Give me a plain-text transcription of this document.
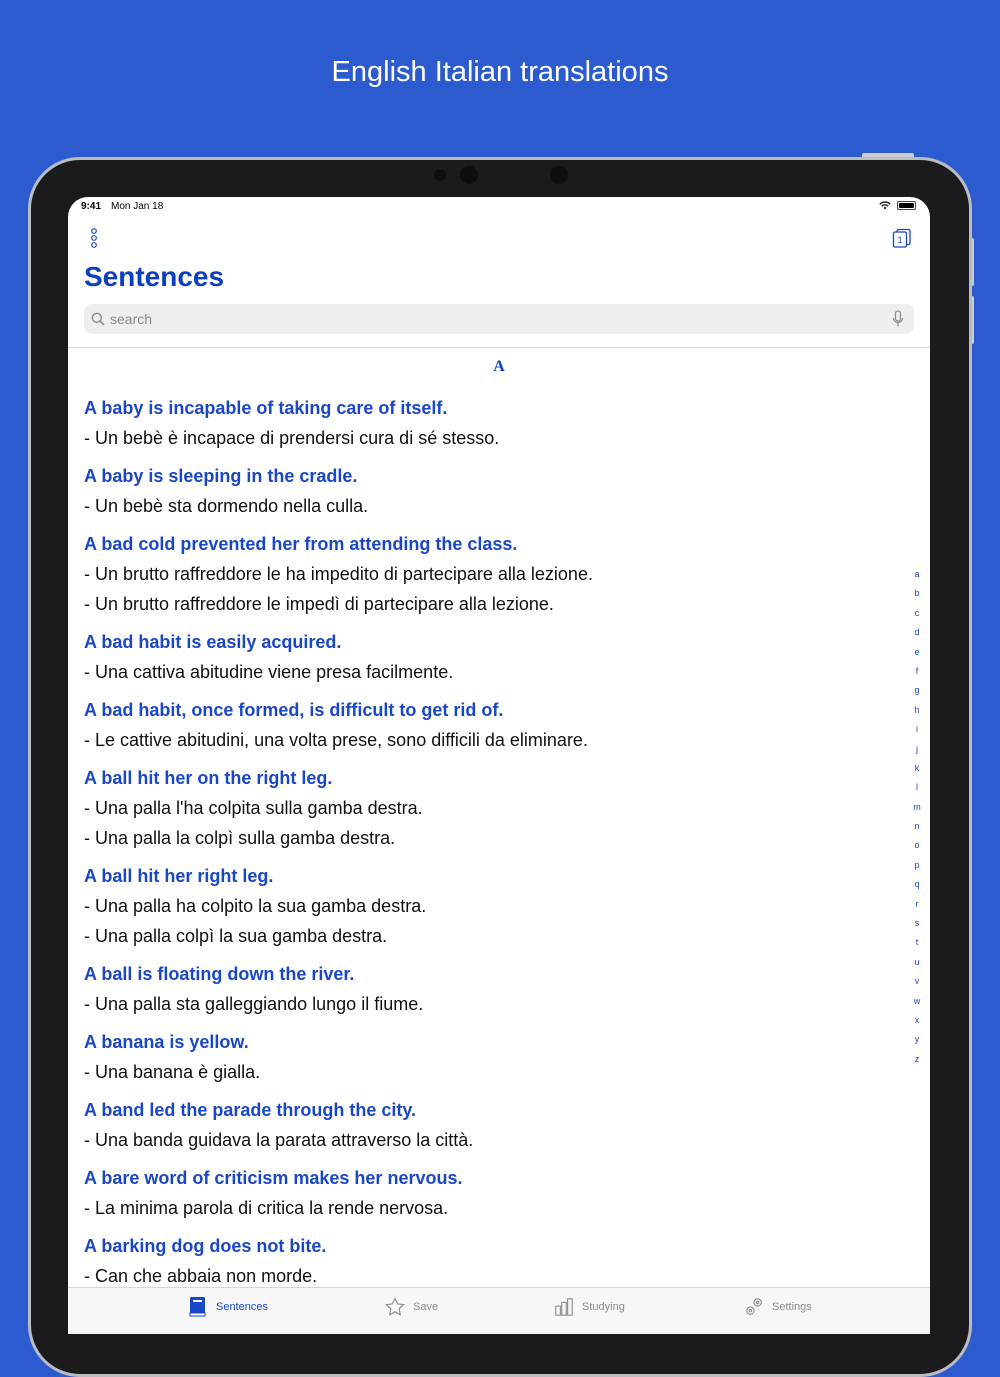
English Italian translations
9:41 Mon Jan 18
1
Sentences
search
A
A baby is incapable of taking care of itself.
- Un bebè è incapace di prendersi cura di sé stesso.
A baby is sleeping in the cradle.
- Un bebè sta dormendo nella culla.
A bad cold prevented her from attending the class.
- Un brutto raffreddore le ha impedito di partecipare alla lezione.
- Un brutto raffreddore le impedì di partecipare alla lezione.
A bad habit is easily acquired.
- Una cattiva abitudine viene presa facilmente.
A bad habit, once formed, is difficult to get rid of.
- Le cattive abitudini, una volta prese, sono difficili da eliminare.
A ball hit her on the right leg.
- Una palla l'ha colpita sulla gamba destra.
- Una palla la colpì sulla gamba destra.
A ball hit her right leg.
- Una palla ha colpito la sua gamba destra.
- Una palla colpì la sua gamba destra.
A ball is floating down the river.
- Una palla sta galleggiando lungo il fiume.
A banana is yellow.
- Una banana è gialla.
A band led the parade through the city.
- Una banda guidava la parata attraverso la città.
A bare word of criticism makes her nervous.
- La minima parola di critica la rende nervosa.
A barking dog does not bite.
- Can che abbaia non morde.
a
b
c
d
e
f
g
h
i
j
k
l
m
n
o
p
q
r
s
t
u
v
w
x
y
z
Sentences	Save	Studying	Settings
